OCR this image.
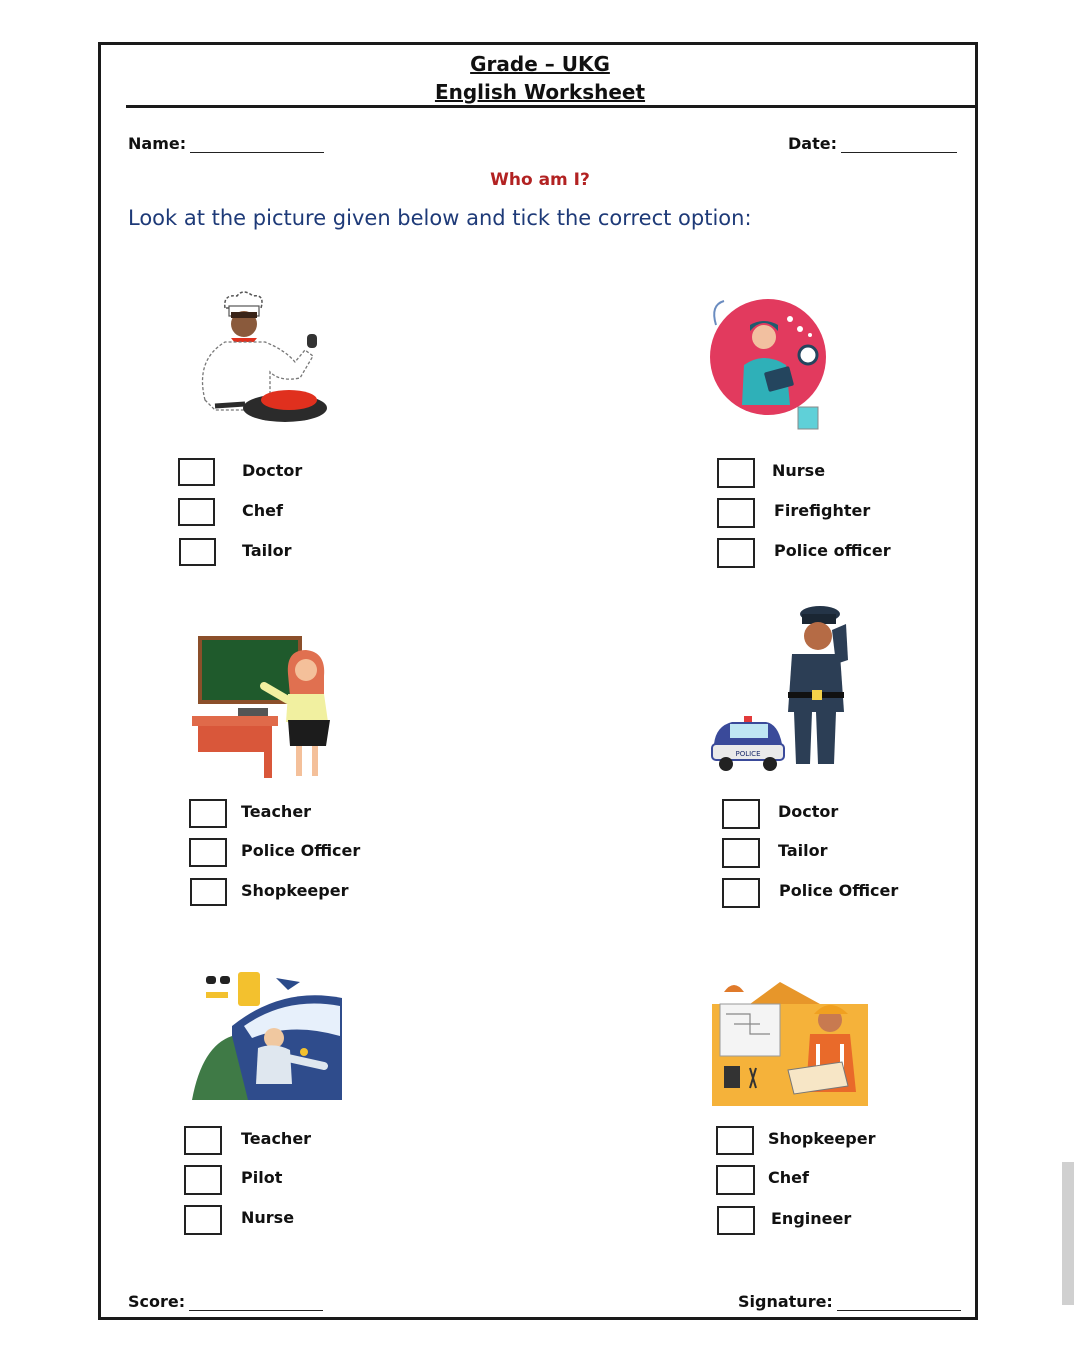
Grade – UKG
English Worksheet
Name:	Date:
Who am I?
Look at the picture given below and tick the correct option:
Doctor
Chef
Tailor
Nurse
Firefighter
Police officer
Teacher
Police Officer
Shopkeeper
POLICE
Doctor
Tailor
Police Officer
Teacher
Pilot
Nurse
Shopkeeper
Chef
Engineer
Score:	Signature:
